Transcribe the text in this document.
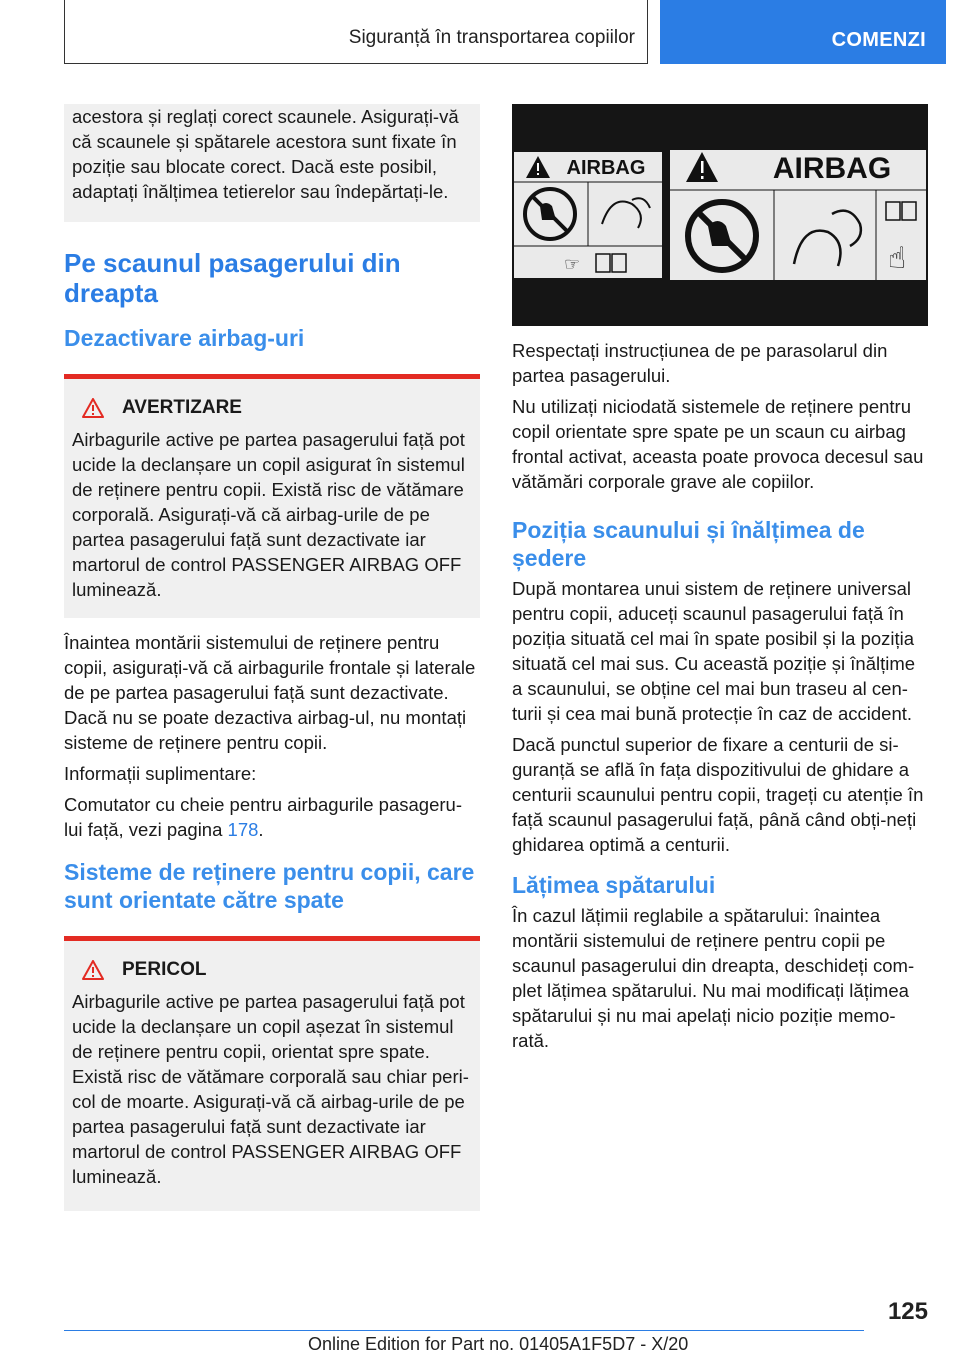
Siguranță în transportarea copiilor	COMENZI

acestora și reglați corect scaunele. Asigurați-vă că scaunele și spătarele acestora sunt fixate în poziție sau blocate corect. Dacă este posibil, adaptați înălțimea tetierelor sau îndepărtați-le.

Pe scaunul pasagerului din dreapta
Dezactivare airbag-uri
AVERTIZARE

Airbagurile active pe partea pasagerului față pot ucide la declanșare un copil asigurat în sistemul de reținere pentru copii. Există risc de vătămare corporală. Asigurați-vă că airbag-urile de pe partea pasagerului față sunt dezactivate iar martorul de control PASSENGER AIRBAG OFF luminează.

Înaintea montării sistemului de reținere pentru copii, asigurați-vă că airbagurile frontale și laterale de pe partea pasagerului față sunt dezactivate. Dacă nu se poate dezactiva airbag-ul, nu montați sisteme de reținere pentru copii.

Informații suplimentare:

Comutator cu cheie pentru airbagurile pasageru-lui față, vezi pagina 178.

Sisteme de reținere pentru copii, care sunt orientate către spate
PERICOL

Airbagurile active pe partea pasagerului față pot ucide la declanșare un copil așezat în sistemul de reținere pentru copii, orientat spre spate. Există risc de vătămare corporală sau chiar peri-col de moarte. Asigurați-vă că airbag-urile de pe partea pasagerului față sunt dezactivate iar martorul de control PASSENGER AIRBAG OFF luminează.

AIRBAG
☞
AIRBAG
☝

Respectați instrucțiunea de pe parasolarul din partea pasagerului.

Nu utilizați niciodată sistemele de reținere pentru copil orientate spre spate pe un scaun cu airbag frontal activat, aceasta poate provoca decesul sau vătămări corporale grave ale copiilor.

Poziția scaunului și înălțimea de ședere

După montarea unui sistem de reținere universal pentru copii, aduceți scaunul pasagerului față în poziția situată cel mai în spate posibil și la poziția situată cel mai sus. Cu această poziție și înălțime a scaunului, se obține cel mai bun traseu al cen-turii și cea mai bună protecție în caz de accident.

Dacă punctul superior de fixare a centurii de si-guranță se află în fața dispozitivului de ghidare a centurii scaunului pentru copii, trageți cu atenție în față scaunul pasagerului față, până când obți-neți ghidarea optimă a centurii.

Lățimea spătarului

În cazul lățimii reglabile a spătarului: înaintea montării sistemului de reținere pentru copii pe scaunul pasagerului din dreapta, deschideți com-plet lățimea spătarului. Nu mai modificați lățimea spătarului și nu mai apelați nicio poziție memo-rată.

125
Online Edition for Part no. 01405A1F5D7 - X/20
